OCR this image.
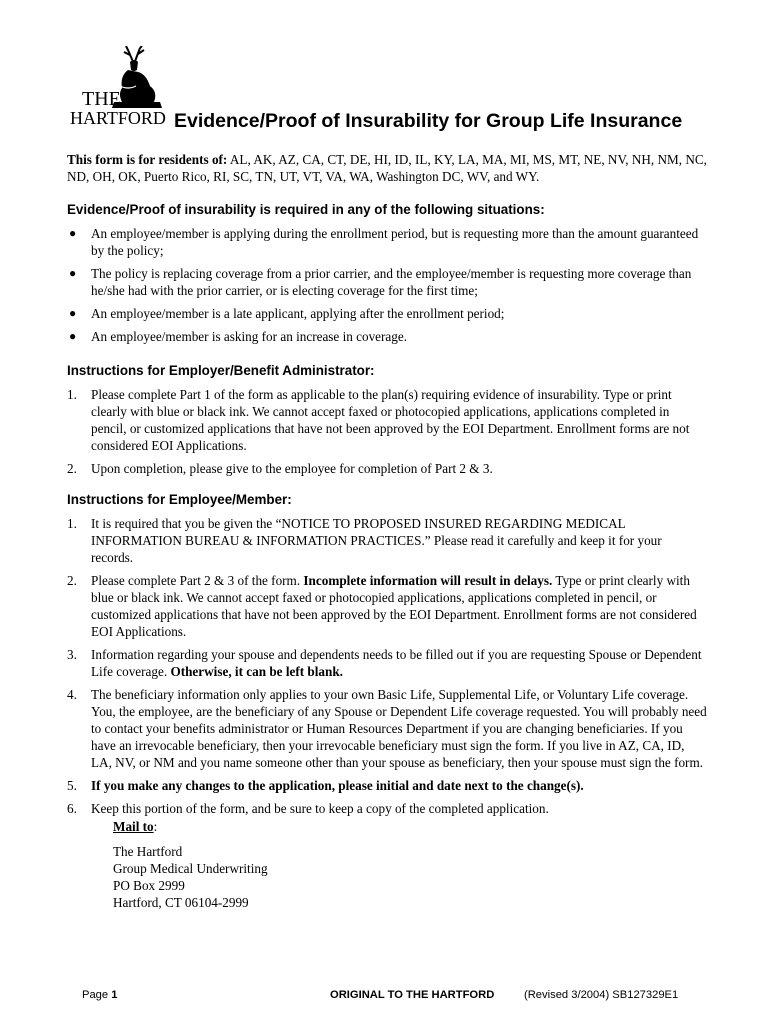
THE
HARTFORD Evidence/Proof of Insurability for Group Life Insurance
This form is for residents of: AL, AK, AZ, CA, CT, DE, HI, ID, IL, KY, LA, MA, MI, MS, MT, NE, NV, NH, NM, NC, ND, OH, OK, Puerto Rico, RI, SC, TN, UT, VT, VA, WA, Washington DC, WV, and WY.
Evidence/Proof of insurability is required in any of the following situations:
● An employee/member is applying during the enrollment period, but is requesting more than the amount guaranteed by the policy;
● The policy is replacing coverage from a prior carrier, and the employee/member is requesting more coverage than he/she had with the prior carrier, or is electing coverage for the first time;
● An employee/member is a late applicant, applying after the enrollment period;
● An employee/member is asking for an increase in coverage.
Instructions for Employer/Benefit Administrator:
1. Please complete Part 1 of the form as applicable to the plan(s) requiring evidence of insurability. Type or print clearly with blue or black ink. We cannot accept faxed or photocopied applications, applications completed in pencil, or customized applications that have not been approved by the EOI Department. Enrollment forms are not considered EOI Applications.
2. Upon completion, please give to the employee for completion of Part 2 & 3.
Instructions for Employee/Member:
1. It is required that you be given the “NOTICE TO PROPOSED INSURED REGARDING MEDICAL INFORMATION BUREAU & INFORMATION PRACTICES.” Please read it carefully and keep it for your records.
2. Please complete Part 2 & 3 of the form. Incomplete information will result in delays. Type or print clearly with blue or black ink. We cannot accept faxed or photocopied applications, applications completed in pencil, or customized applications that have not been approved by the EOI Department. Enrollment forms are not considered EOI Applications.
3. Information regarding your spouse and dependents needs to be filled out if you are requesting Spouse or Dependent Life coverage. Otherwise, it can be left blank.
4. The beneficiary information only applies to your own Basic Life, Supplemental Life, or Voluntary Life coverage. You, the employee, are the beneficiary of any Spouse or Dependent Life coverage requested. You will probably need to contact your benefits administrator or Human Resources Department if you are changing beneficiaries. If you have an irrevocable beneficiary, then your irrevocable beneficiary must sign the form. If you live in AZ, CA, ID, LA, NV, or NM and you name someone other than your spouse as beneficiary, then your spouse must sign the form.
5. If you make any changes to the application, please initial and date next to the change(s).
6. Keep this portion of the form, and be sure to keep a copy of the completed application.
Mail to:
The Hartford
Group Medical Underwriting
PO Box 2999
Hartford, CT 06104-2999
Page 1	ORIGINAL TO THE HARTFORD	(Revised 3/2004) SB127329E1
